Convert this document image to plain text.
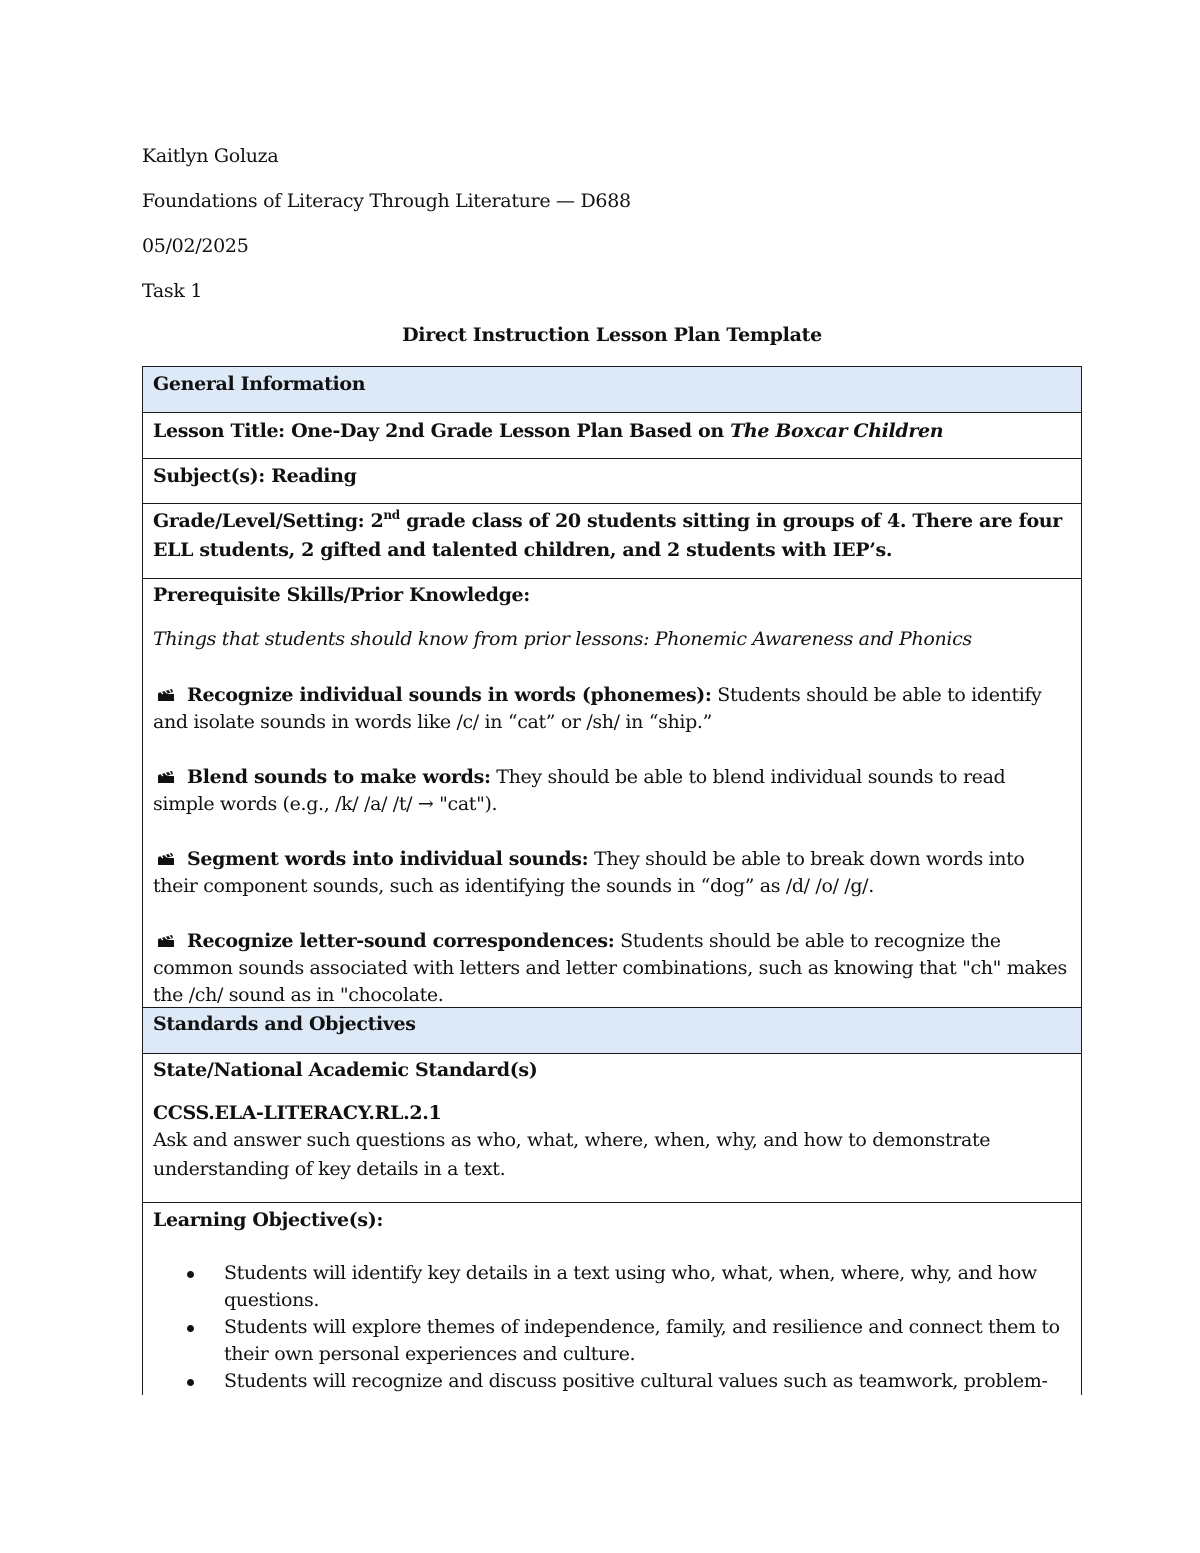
Kaitlyn Goluza
Foundations of Literacy Through Literature — D688
05/02/2025
Task 1
Direct Instruction Lesson Plan Template
General Information
Lesson Title: One-Day 2nd Grade Lesson Plan Based on The Boxcar Children
Subject(s): Reading
Grade/Level/Setting: 2nd grade class of 20 students sitting in groups of 4. There are four ELL students, 2 gifted and talented children, and 2 students with IEP’s.
Prerequisite Skills/Prior Knowledge:
Things that students should know from prior lessons: Phonemic Awareness and Phonics
Recognize individual sounds in words (phonemes): Students should be able to identify and isolate sounds in words like /c/ in “cat” or /sh/ in “ship.”
Blend sounds to make words: They should be able to blend individual sounds to read simple words (e.g., /k/ /a/ /t/ → "cat").
Segment words into individual sounds: They should be able to break down words into their component sounds, such as identifying the sounds in “dog” as /d/ /o/ /g/.
Recognize letter-sound correspondences: Students should be able to recognize the common sounds associated with letters and letter combinations, such as knowing that "ch" makes the /ch/ sound as in "chocolate.
Standards and Objectives
State/National Academic Standard(s)
CCSS.ELA-LITERACY.RL.2.1
Ask and answer such questions as who, what, where, when, why, and how to demonstrate understanding of key details in a text.
Learning Objective(s):
Students will identify key details in a text using who, what, when, where, why, and how questions.
Students will explore themes of independence, family, and resilience and connect them to their own personal experiences and culture.
Students will recognize and discuss positive cultural values such as teamwork, problem-
